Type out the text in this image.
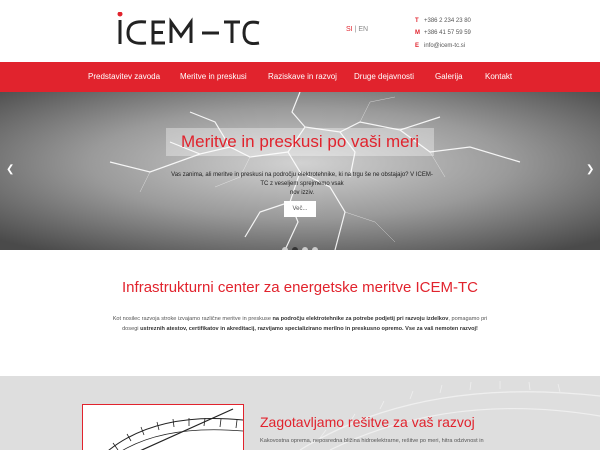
SI | EN
T +386 2 234 23 80
M +386 41 57 59 59
E info@icem-tc.si
Predstavitev zavoda Meritve in preskusi	Raziskave in razvoj Druge dejavnosti	Galerija	Kontakt
❮	❯
Meritve in preskusi po vaši meri
Vas zanima, ali meritve in preskusi na področju elektrotehnike, ki na trgu še ne obstajajo? V ICEM-TC z veseljem sprejmemo vsak
nov izziv.
Več...
Infrastrukturni center za energetske meritve ICEM-TC
Kot nosilec razvoja stroke izvajamo različne meritve in preskuse na področju elektrotehnike za potrebe podjetij pri razvoju izdelkov, pomagamo pri
dosegi ustreznih atestov, certifikatov in akreditacij, razvijamo specializirano merilno in preskusno opremo. Vse za vaš nemoten razvoj!
Zagotavljamo rešitve za vaš razvoj
Kakovostna oprema, neposredna bližina hidroelektrarne, rešitve po meri, hitra odzivnost in
